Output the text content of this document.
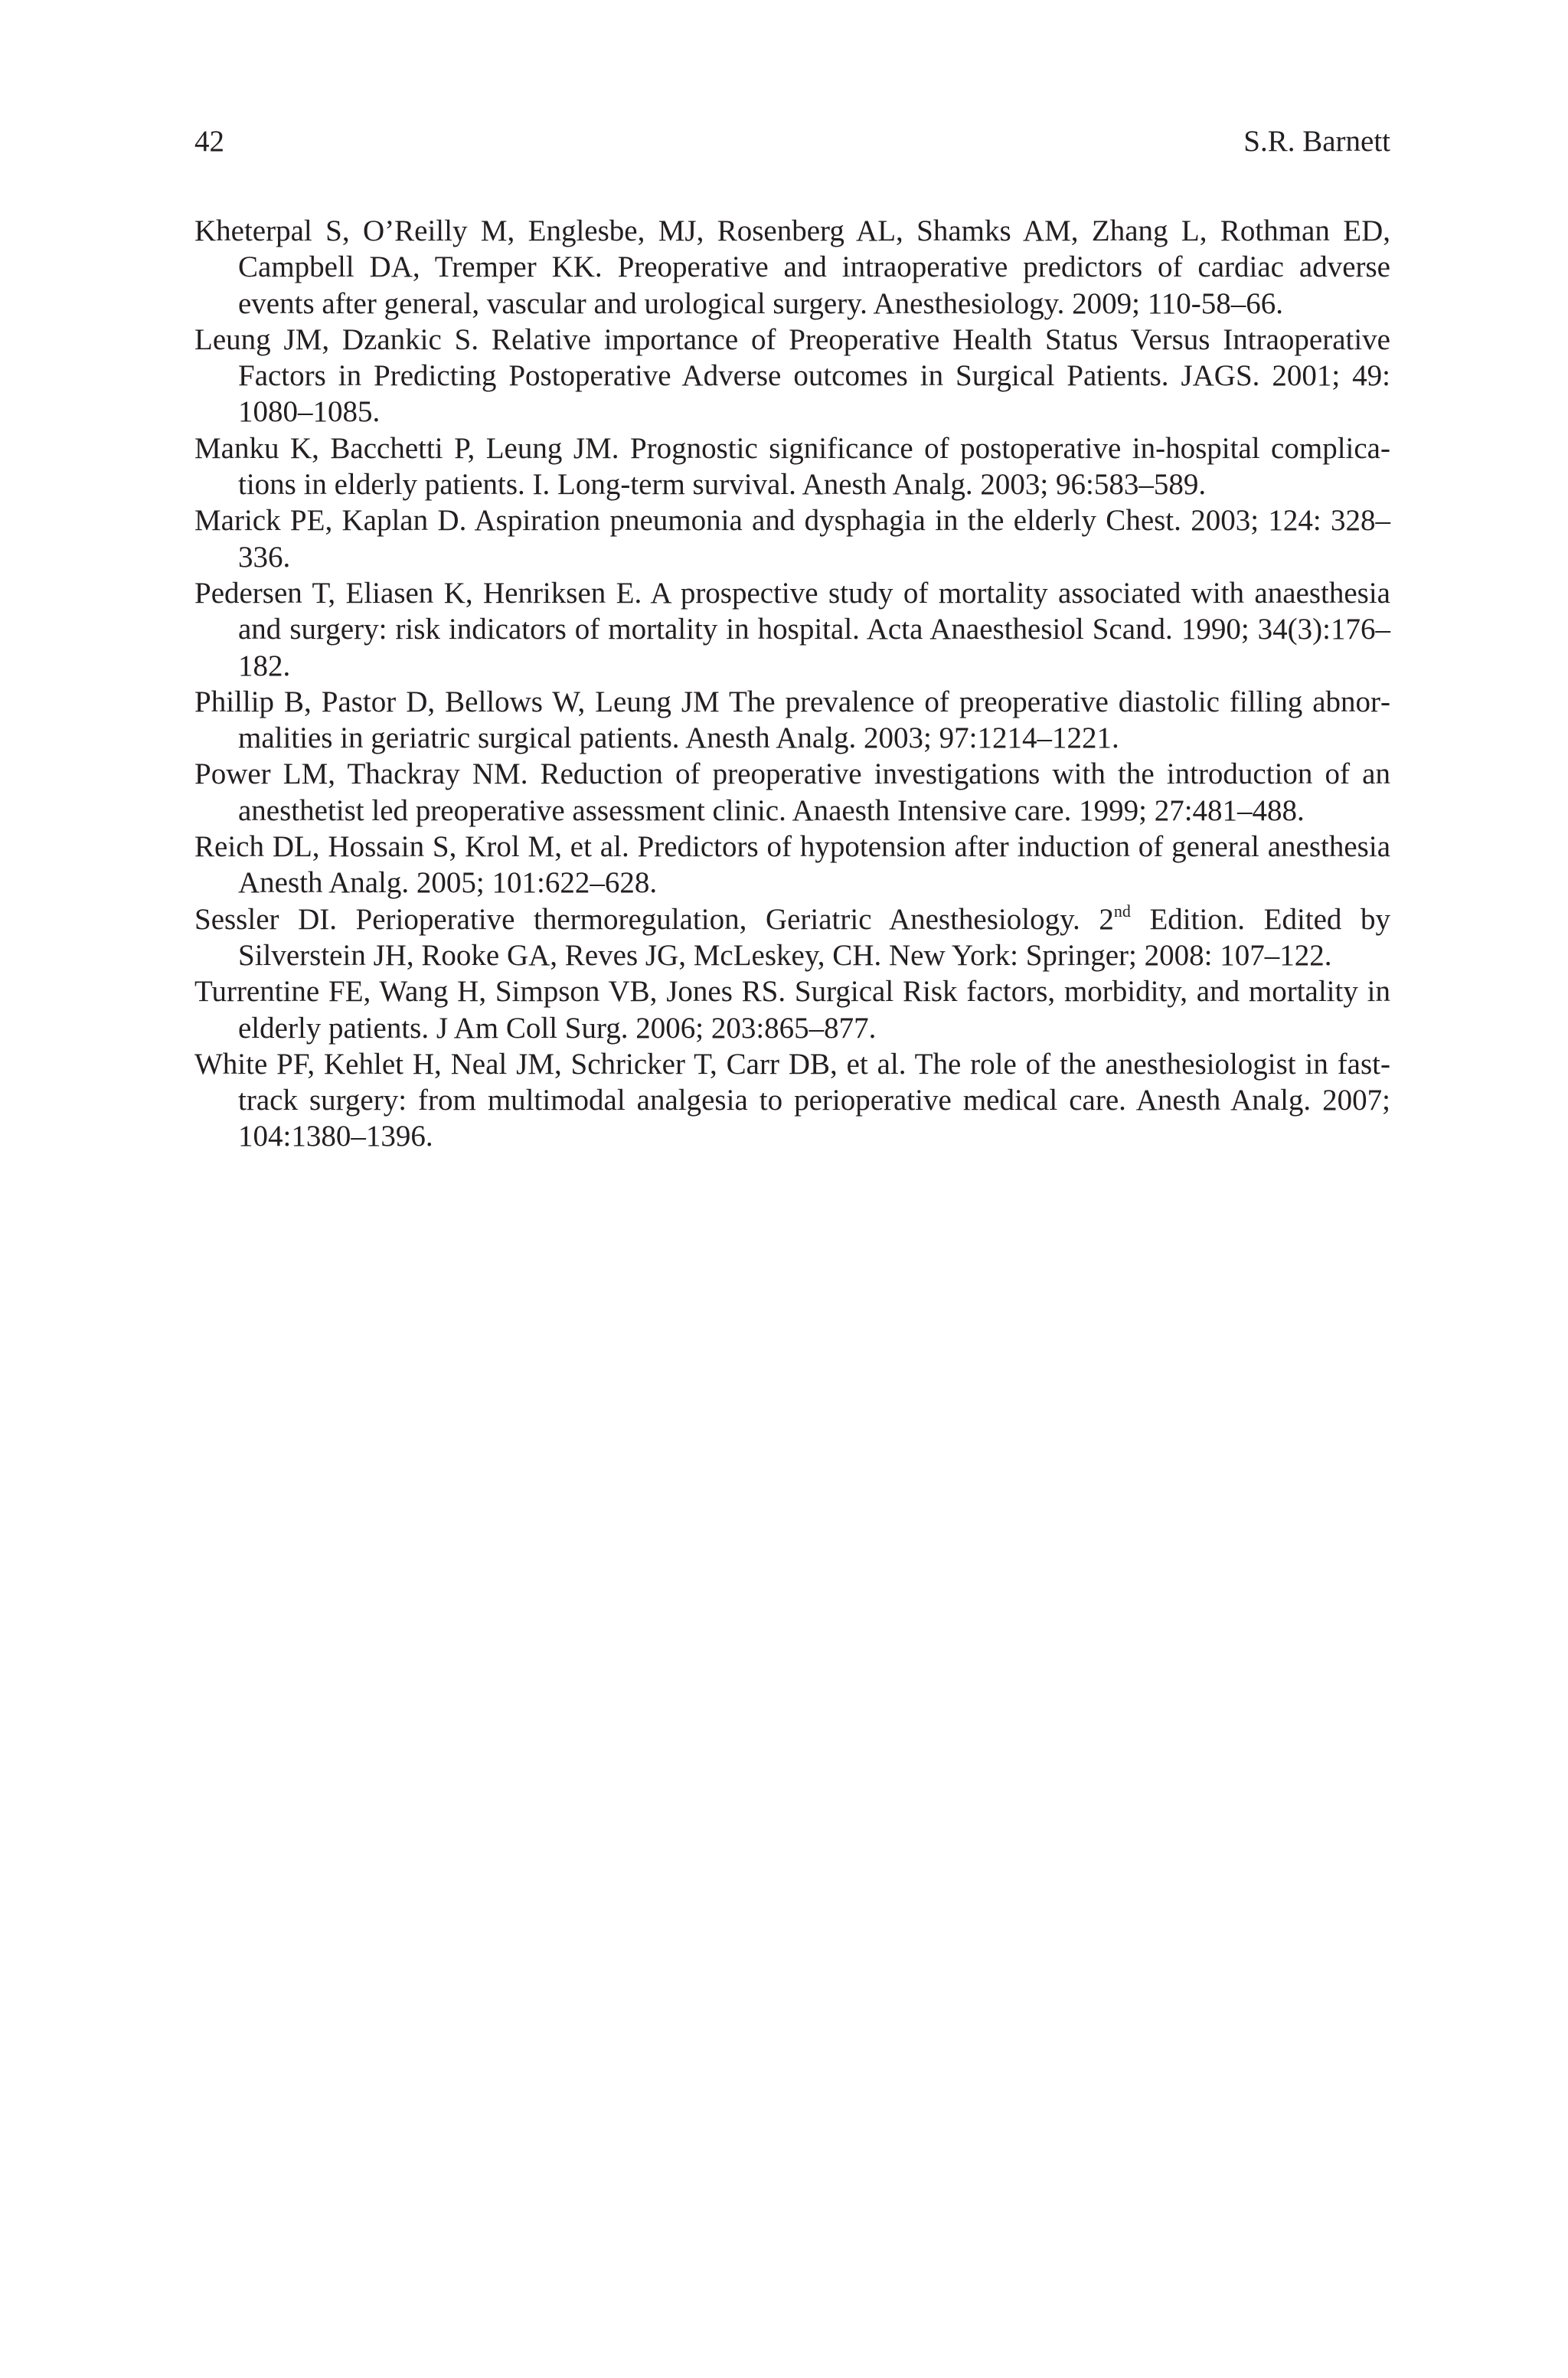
42	S.R. Barnett
Kheterpal S, O’Reilly M, Englesbe, MJ, Rosenberg AL, Shamks AM, Zhang L, Rothman ED, Campbell DA, Tremper KK. Preoperative and intraoperative predictors of cardiac adverse events after general, vascular and urological surgery. Anesthesiology. 2009; 110-58–66.
Leung JM, Dzankic S. Relative importance of Preoperative Health Status Versus Intraoperative Factors in Predicting Postoperative Adverse outcomes in Surgical Patients. JAGS. 2001; 49: 1080–1085.
Manku K, Bacchetti P, Leung JM. Prognostic significance of postoperative in-hospital complications in elderly patients. I. Long-term survival. Anesth Analg. 2003; 96:583–589.
Marick PE, Kaplan D. Aspiration pneumonia and dysphagia in the elderly Chest. 2003; 124: 328–336.
Pedersen T, Eliasen K, Henriksen E. A prospective study of mortality associated with anaesthesia and surgery: risk indicators of mortality in hospital. Acta Anaesthesiol Scand. 1990; 34(3):176–182.
Phillip B, Pastor D, Bellows W, Leung JM The prevalence of preoperative diastolic filling abnormalities in geriatric surgical patients. Anesth Analg. 2003; 97:1214–1221.
Power LM, Thackray NM. Reduction of preoperative investigations with the introduction of an anesthetist led preoperative assessment clinic. Anaesth Intensive care. 1999; 27:481–488.
Reich DL, Hossain S, Krol M, et al. Predictors of hypotension after induction of general anesthesia Anesth Analg. 2005; 101:622–628.
Sessler DI. Perioperative thermoregulation, Geriatric Anesthesiology. 2nd Edition. Edited by Silverstein JH, Rooke GA, Reves JG, McLeskey, CH. New York: Springer; 2008: 107–122.
Turrentine FE, Wang H, Simpson VB, Jones RS. Surgical Risk factors, morbidity, and mortality in elderly patients. J Am Coll Surg. 2006; 203:865–877.
White PF, Kehlet H, Neal JM, Schricker T, Carr DB, et al. The role of the anesthesiologist in fast-track surgery: from multimodal analgesia to perioperative medical care. Anesth Analg. 2007; 104:1380–1396.
